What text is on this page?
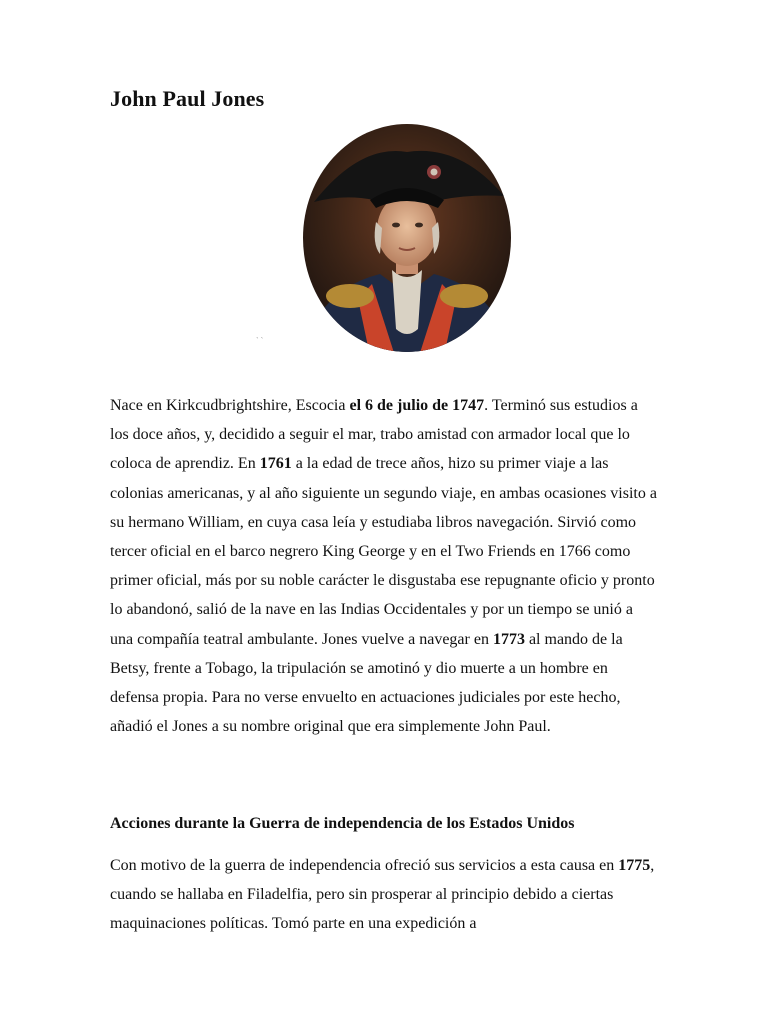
John Paul Jones
` `

Nace en Kirkcudbrightshire, Escocia el 6 de julio de 1747. Terminó sus estudios a los doce años, y, decidido a seguir el mar, trabo amistad con armador local que lo coloca de aprendiz. En 1761 a la edad de trece años, hizo su primer viaje a las colonias americanas, y al año siguiente un segundo viaje, en ambas ocasiones visito a su hermano William, en cuya casa leía y estudiaba libros navegación. Sirvió como tercer oficial en el barco negrero King George y en el Two Friends en 1766 como primer oficial, más por su noble carácter le disgustaba ese repugnante oficio y pronto lo abandonó, salió de la nave en las Indias Occidentales y por un tiempo se unió a una compañía teatral ambulante. Jones vuelve a navegar en 1773 al mando de la Betsy, frente a Tobago, la tripulación se amotinó y dio muerte a un hombre en defensa propia. Para no verse envuelto en actuaciones judiciales por este hecho, añadió el Jones a su nombre original que era simplemente John Paul.

Acciones durante la Guerra de independencia de los Estados Unidos

Con motivo de la guerra de independencia ofreció sus servicios a esta causa en 1775, cuando se hallaba en Filadelfia, pero sin prosperar al principio debido a ciertas maquinaciones políticas. Tomó parte en una expedición a
